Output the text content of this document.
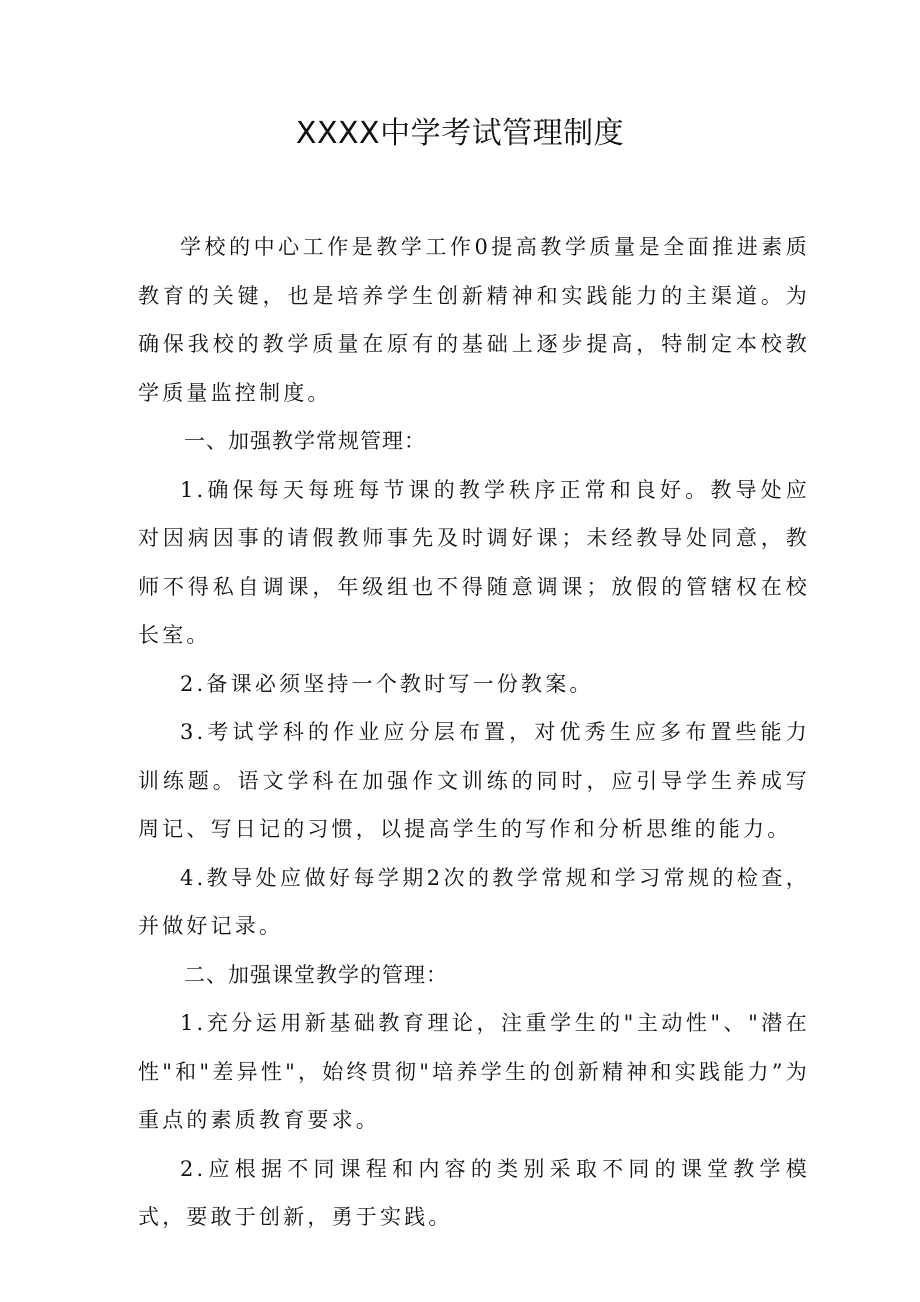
XXXX中学考试管理制度

学校的中心工作是教学工作0提高教学质量是全面推进素质教育的关键，也是培养学生创新精神和实践能力的主渠道。为确保我校的教学质量在原有的基础上逐步提高，特制定本校教学质量监控制度。

一、加强教学常规管理：

1.确保每天每班每节课的教学秩序正常和良好。教导处应对因病因事的请假教师事先及时调好课；未经教导处同意，教师不得私自调课，年级组也不得随意调课；放假的管辖权在校长室。

2.备课必须坚持一个教时写一份教案。

3.考试学科的作业应分层布置，对优秀生应多布置些能力训练题。语文学科在加强作文训练的同时，应引导学生养成写周记、写日记的习惯，以提高学生的写作和分析思维的能力。

4.教导处应做好每学期2次的教学常规和学习常规的检查，并做好记录。

二、加强课堂教学的管理：

1.充分运用新基础教育理论，注重学生的"主动性"、"潜在性"和"差异性"，始终贯彻"培养学生的创新精神和实践能力”为重点的素质教育要求。

2.应根据不同课程和内容的类别采取不同的课堂教学模式，要敢于创新，勇于实践。
